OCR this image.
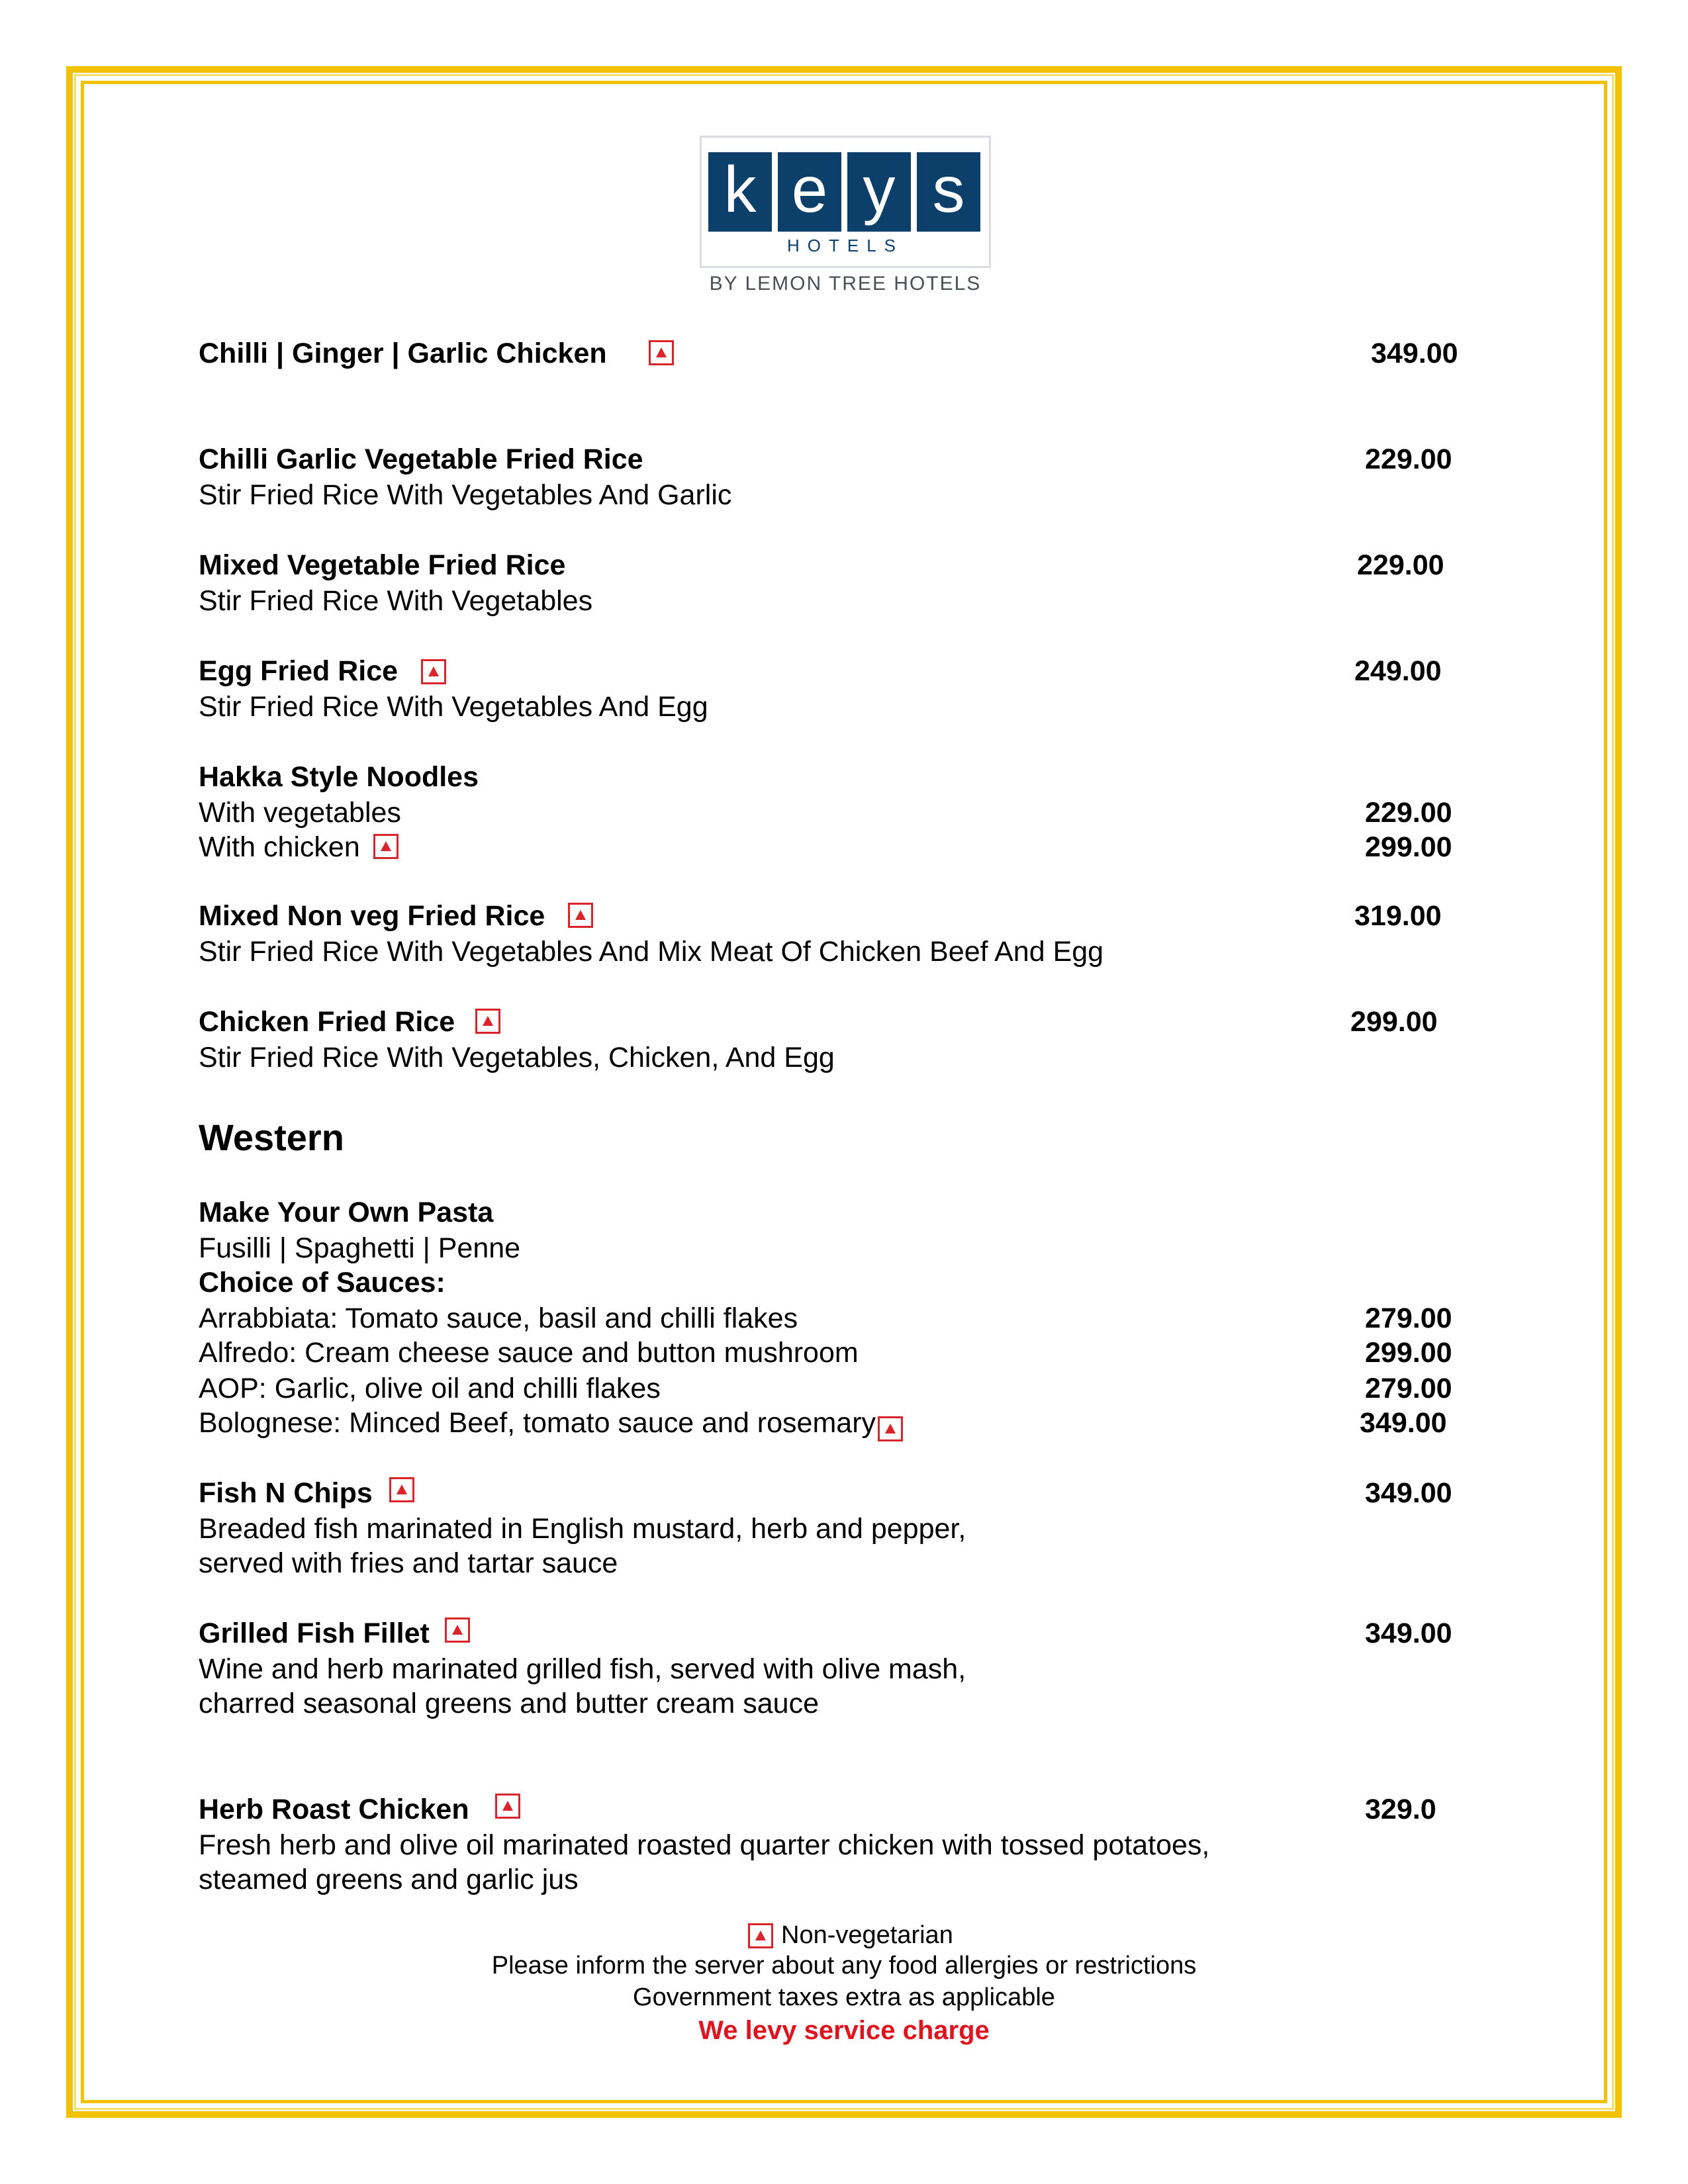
k e y s
HOTELS
BY LEMON TREE HOTELS
Chilli | Ginger | Garlic Chicken	349.00
Chilli Garlic Vegetable Fried Rice	229.00
Stir Fried Rice With Vegetables And Garlic
Mixed Vegetable Fried Rice	229.00
Stir Fried Rice With Vegetables
Egg Fried Rice	249.00
Stir Fried Rice With Vegetables And Egg
Hakka Style Noodles
With vegetables	229.00
With chicken	299.00
Mixed Non veg Fried Rice	319.00
Stir Fried Rice With Vegetables And Mix Meat Of Chicken Beef And Egg
Chicken Fried Rice	299.00
Stir Fried Rice With Vegetables, Chicken, And Egg
Western
Make Your Own Pasta
Fusilli | Spaghetti | Penne
Choice of Sauces:
Arrabbiata: Tomato sauce, basil and chilli flakes	279.00
Alfredo: Cream cheese sauce and button mushroom	299.00
AOP: Garlic, olive oil and chilli flakes	279.00
Bolognese: Minced Beef, tomato sauce and rosemary	349.00
Fish N Chips	349.00
Breaded fish marinated in English mustard, herb and pepper,
served with fries and tartar sauce
Grilled Fish Fillet	349.00
Wine and herb marinated grilled fish, served with olive mash,
charred seasonal greens and butter cream sauce
Herb Roast Chicken	329.0
Fresh herb and olive oil marinated roasted quarter chicken with tossed potatoes,
steamed greens and garlic jus
Non-vegetarian
Please inform the server about any food allergies or restrictions
Government taxes extra as applicable
We levy service charge
